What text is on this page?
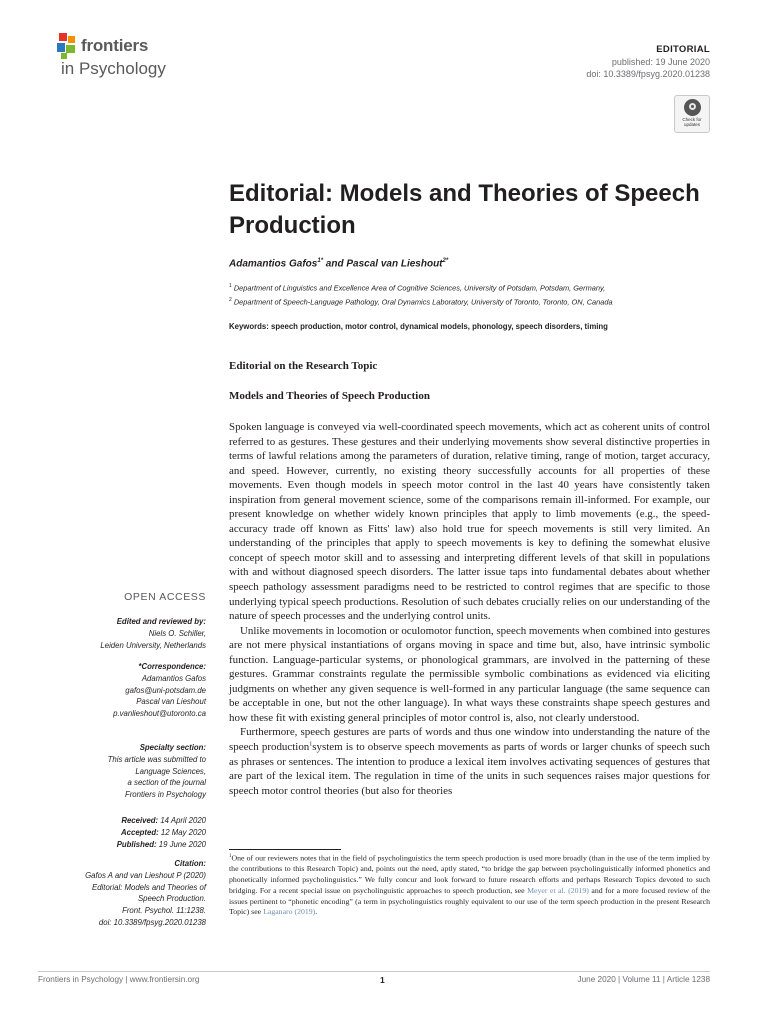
frontiers
in Psychology
EDITORIAL
published: 19 June 2020
doi: 10.3389/fpsyg.2020.01238
Check for updates
Editorial: Models and Theories of Speech Production
Adamantios Gafos$^{1*}$ and Pascal van Lieshout$^{2*}$
$^1$ Department of Linguistics and Excellence Area of Cognitive Sciences, University of Potsdam, Potsdam, Germany,
$^2$ Department of Speech-Language Pathology, Oral Dynamics Laboratory, University of Toronto, Toronto, ON, Canada
Keywords: speech production, motor control, dynamical models, phonology, speech disorders, timing
Editorial on the Research Topic
Models and Theories of Speech Production

Spoken language is conveyed via well-coordinated speech movements, which act as coherent units of control referred to as gestures. These gestures and their underlying movements show several distinctive properties in terms of lawful relations among the parameters of duration, relative timing, range of motion, target accuracy, and speed. However, currently, no existing theory successfully accounts for all properties of these movements. Even though models in speech motor control in the last 40 years have consistently taken inspiration from general movement science, some of the comparisons remain ill-informed. For example, our present knowledge on whether widely known principles that apply to limb movements (e.g., the speed-accuracy trade off known as Fitts' law) also hold true for speech movements is still very limited. An understanding of the principles that apply to speech movements is key to defining the somewhat elusive concept of speech motor skill and to assessing and interpreting different levels of that skill in populations with and without diagnosed speech disorders. The latter issue taps into fundamental debates about whether speech pathology assessment paradigms need to be restricted to control regimes that are specific to those underlying typical speech productions. Resolution of such debates crucially relies on our understanding of the nature of speech processes and the underlying control units.

Unlike movements in locomotion or oculomotor function, speech movements when combined into gestures are not mere physical instantiations of organs moving in space and time but, also, have intrinsic symbolic function. Language-particular systems, or phonological grammars, are involved in the patterning of these gestures. Grammar constraints regulate the permissible symbolic combinations as evidenced via eliciting judgments on whether any given sequence is well-formed in any particular language (the same sequence can be acceptable in one, but not the other language). In what ways these constraints shape speech gestures and how these fit with existing general principles of motor control is, also, not clearly understood.

Furthermore, speech gestures are parts of words and thus one window into understanding the nature of the speech production$^1$system is to observe speech movements as parts of words or larger chunks of speech such as phrases or sentences. The intention to produce a lexical item involves activating sequences of gestures that are part of the lexical item. The regulation in time of the units in such sequences raises major questions for speech motor control theories (but also for theories

$^1$One of our reviewers notes that in the field of psycholinguistics the term speech production is used more broadly (than in the use of the term implied by the contributions to this Research Topic) and, points out the need, aptly stated, “to bridge the gap between psycholinguistically informed phonetics and phonetically informed psycholinguistics.” We fully concur and look forward to future research efforts and perhaps Research Topics devoted to such bridging. For a recent special issue on psycholinguistic approaches to speech production, see Meyer et al. (2019) and for a more focused review of the issues pertinent to “phonetic encoding” (a term in psycholinguistics roughly equivalent to our use of the term speech production in the present Research Topic) see Laganaro (2019).
OPEN ACCESS
Edited and reviewed by:
Niels O. Schiller,
Leiden University, Netherlands
*Correspondence:
Adamantios Gafos
gafos@uni-potsdam.de
Pascal van Lieshout
p.vanlieshout@utoronto.ca
Specialty section:
This article was submitted to
Language Sciences,
a section of the journal
Frontiers in Psychology
Received: 14 April 2020
Accepted: 12 May 2020
Published: 19 June 2020
Citation:
Gafos A and van Lieshout P (2020)
Editorial: Models and Theories of
Speech Production.
Front. Psychol. 11:1238.
doi: 10.3389/fpsyg.2020.01238
Frontiers in Psychology | www.frontiersin.org	1	June 2020 | Volume 11 | Article 1238
